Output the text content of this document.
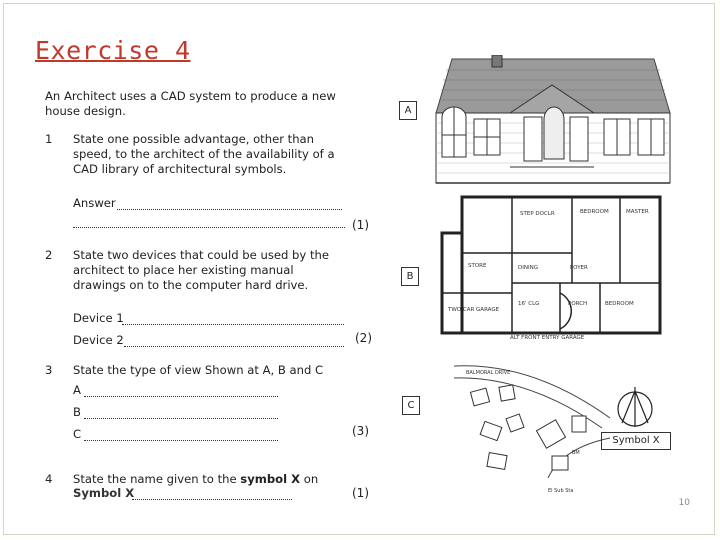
Exercise 4
An Architect uses a CAD system to produce a new house design.
1 State one possible advantage, other than speed, to the architect of the availability of a CAD library of architectural symbols.
Answer
(1)
2 State two devices that could be used by the architect to place her existing manual drawings on to the computer hard drive.
Device 1
Device 2	(2)
3 State the type of view Shown at A, B and C
A
B
C	(3)
4 State the name given to the symbol X on
Symbol X	(1)
A
STEP DOCLR	BEDROOM	MASTER
STORE	DINING	FOYER
TWO CAR GARAGE
16' CLG	PORCH	BEDROOM
ALT FRONT ENTRY GARAGE
B
BALMORAL DRIVE
El Sub Sta
BM
C
Symbol X
10
